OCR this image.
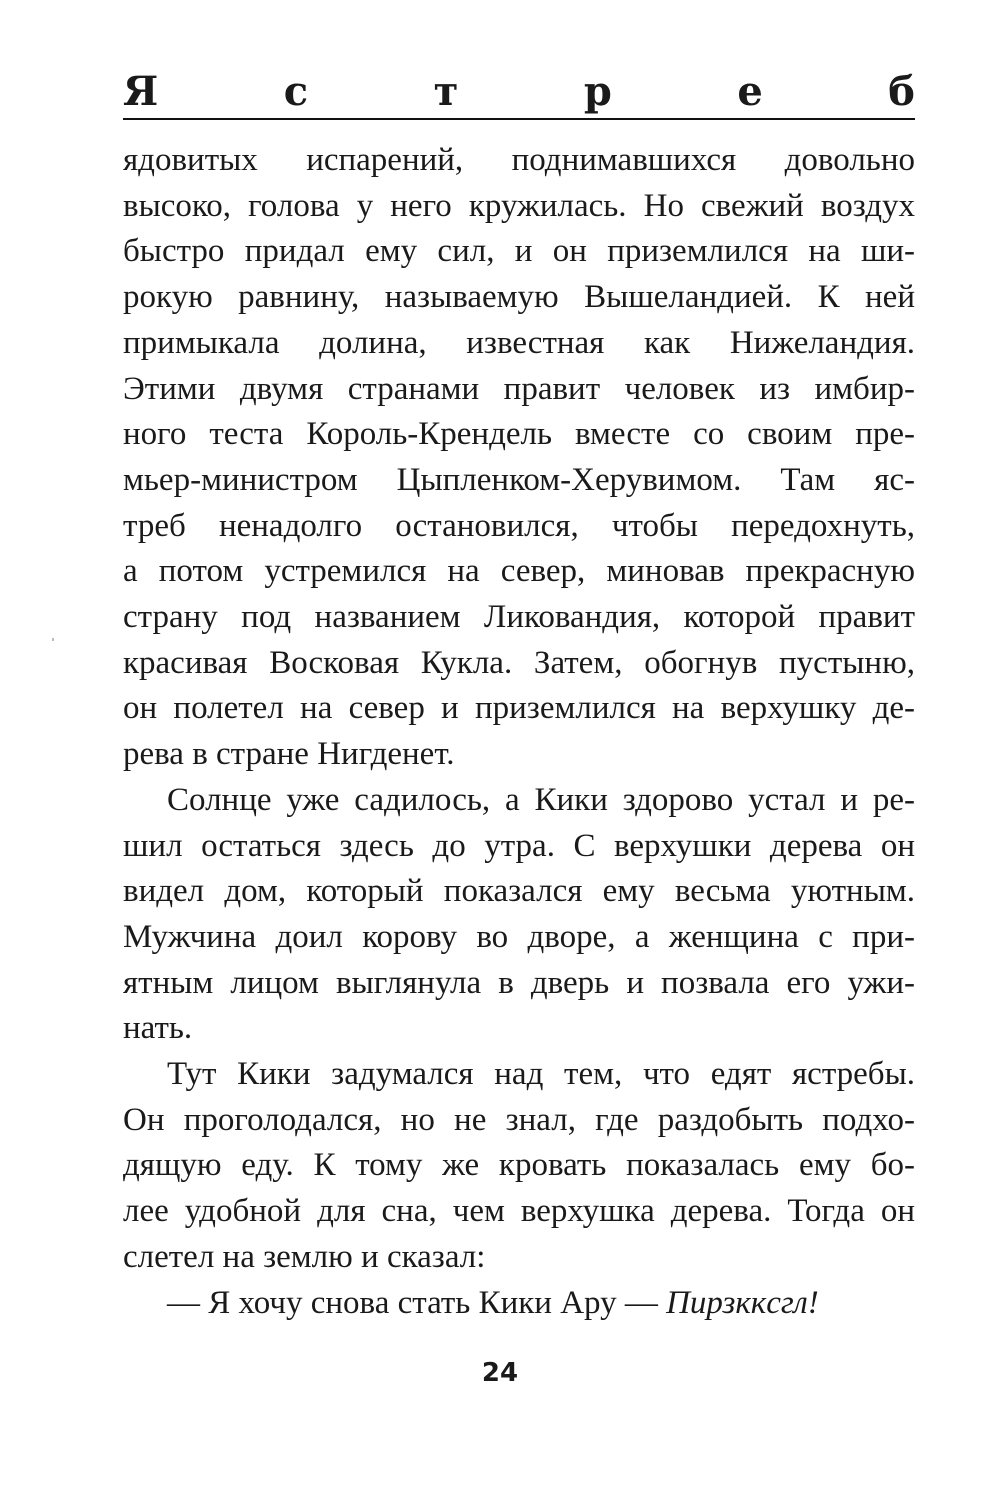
Я	с	т	р	е	б
ядовитых испарений, поднимавшихся довольно
высоко, голова у него кружилась. Но свежий воздух
быстро придал ему сил, и он приземлился на ши-
рокую равнину, называемую Вышеландией. К ней
примыкала долина, известная как Нижеландия.
Этими двумя странами правит человек из имбир-
ного теста Король-Крендель вместе со своим пре-
мьер-министром Цыпленком-Херувимом. Там яс-
треб ненадолго остановился, чтобы передохнуть,
а потом устремился на север, миновав прекрасную
страну под названием Ликовандия, которой правит
красивая Восковая Кукла. Затем, обогнув пустыню,
он полетел на север и приземлился на верхушку де-
рева в стране Нигденет.
Солнце уже садилось, а Кики здорово устал и ре-
шил остаться здесь до утра. С верхушки дерева он
видел дом, который показался ему весьма уютным.
Мужчина доил корову во дворе, а женщина с при-
ятным лицом выглянула в дверь и позвала его ужи-
нать.
Тут Кики задумался над тем, что едят ястребы.
Он проголодался, но не знал, где раздобыть подхо-
дящую еду. К тому же кровать показалась ему бо-
лее удобной для сна, чем верхушка дерева. Тогда он
слетел на землю и сказал:
— Я хочу снова стать Кики Ару — Пирзккcгл!
24
